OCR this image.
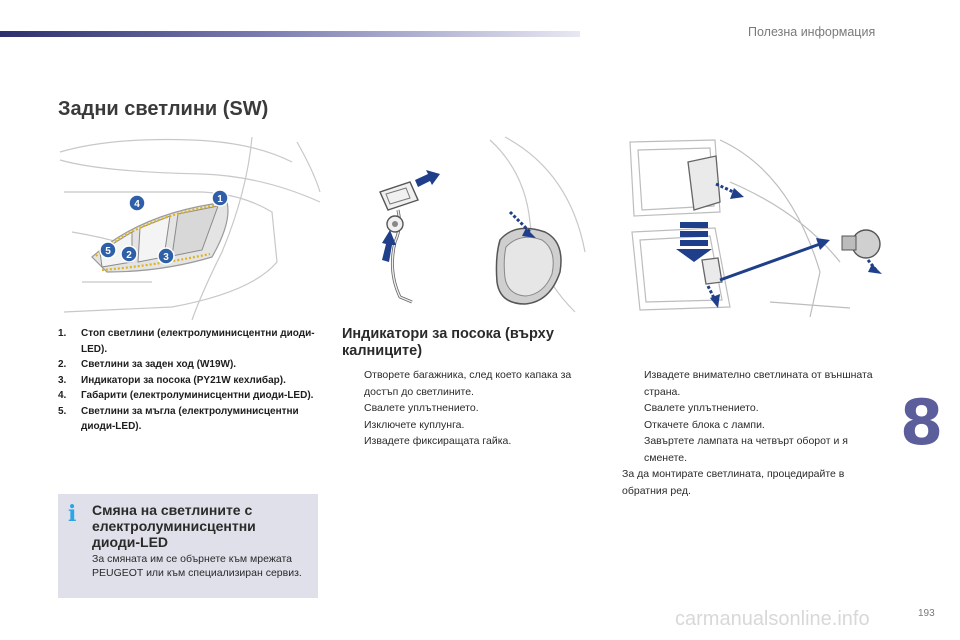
Полезна информация
Задни светлини (SW)
4	1
5 2	3
1.	Стоп светлини (електролуминисцентни диоди-LED).
2.	Светлини за заден ход (W19W).
3.	Индикатори за посока (PY21W кехлибар).
4.	Габарити (електролуминисцентни диоди-LED).
5.	Светлини за мъгла (електролуминисцентни диоди-LED).
Индикатори за посока (върху калниците)
Отворете багажника, след което капака за достъп до светлините.
Свалете уплътнението.
Изключете куплунга.
Извадете фиксиращата гайка.
Извадете внимателно светлината от външната страна.
Свалете уплътнението.
Откачете блока с лампи.
Завъртете лампата на четвърт оборот и я сменете.
За да монтирате светлината, процедирайте в обратния ред.
i	Смяна на светлините с електролуминисцентни диоди-LED
За смяната им се обърнете към мрежата PEUGEOT или към специализиран сервиз.
8
carmanualsonline.info	193
